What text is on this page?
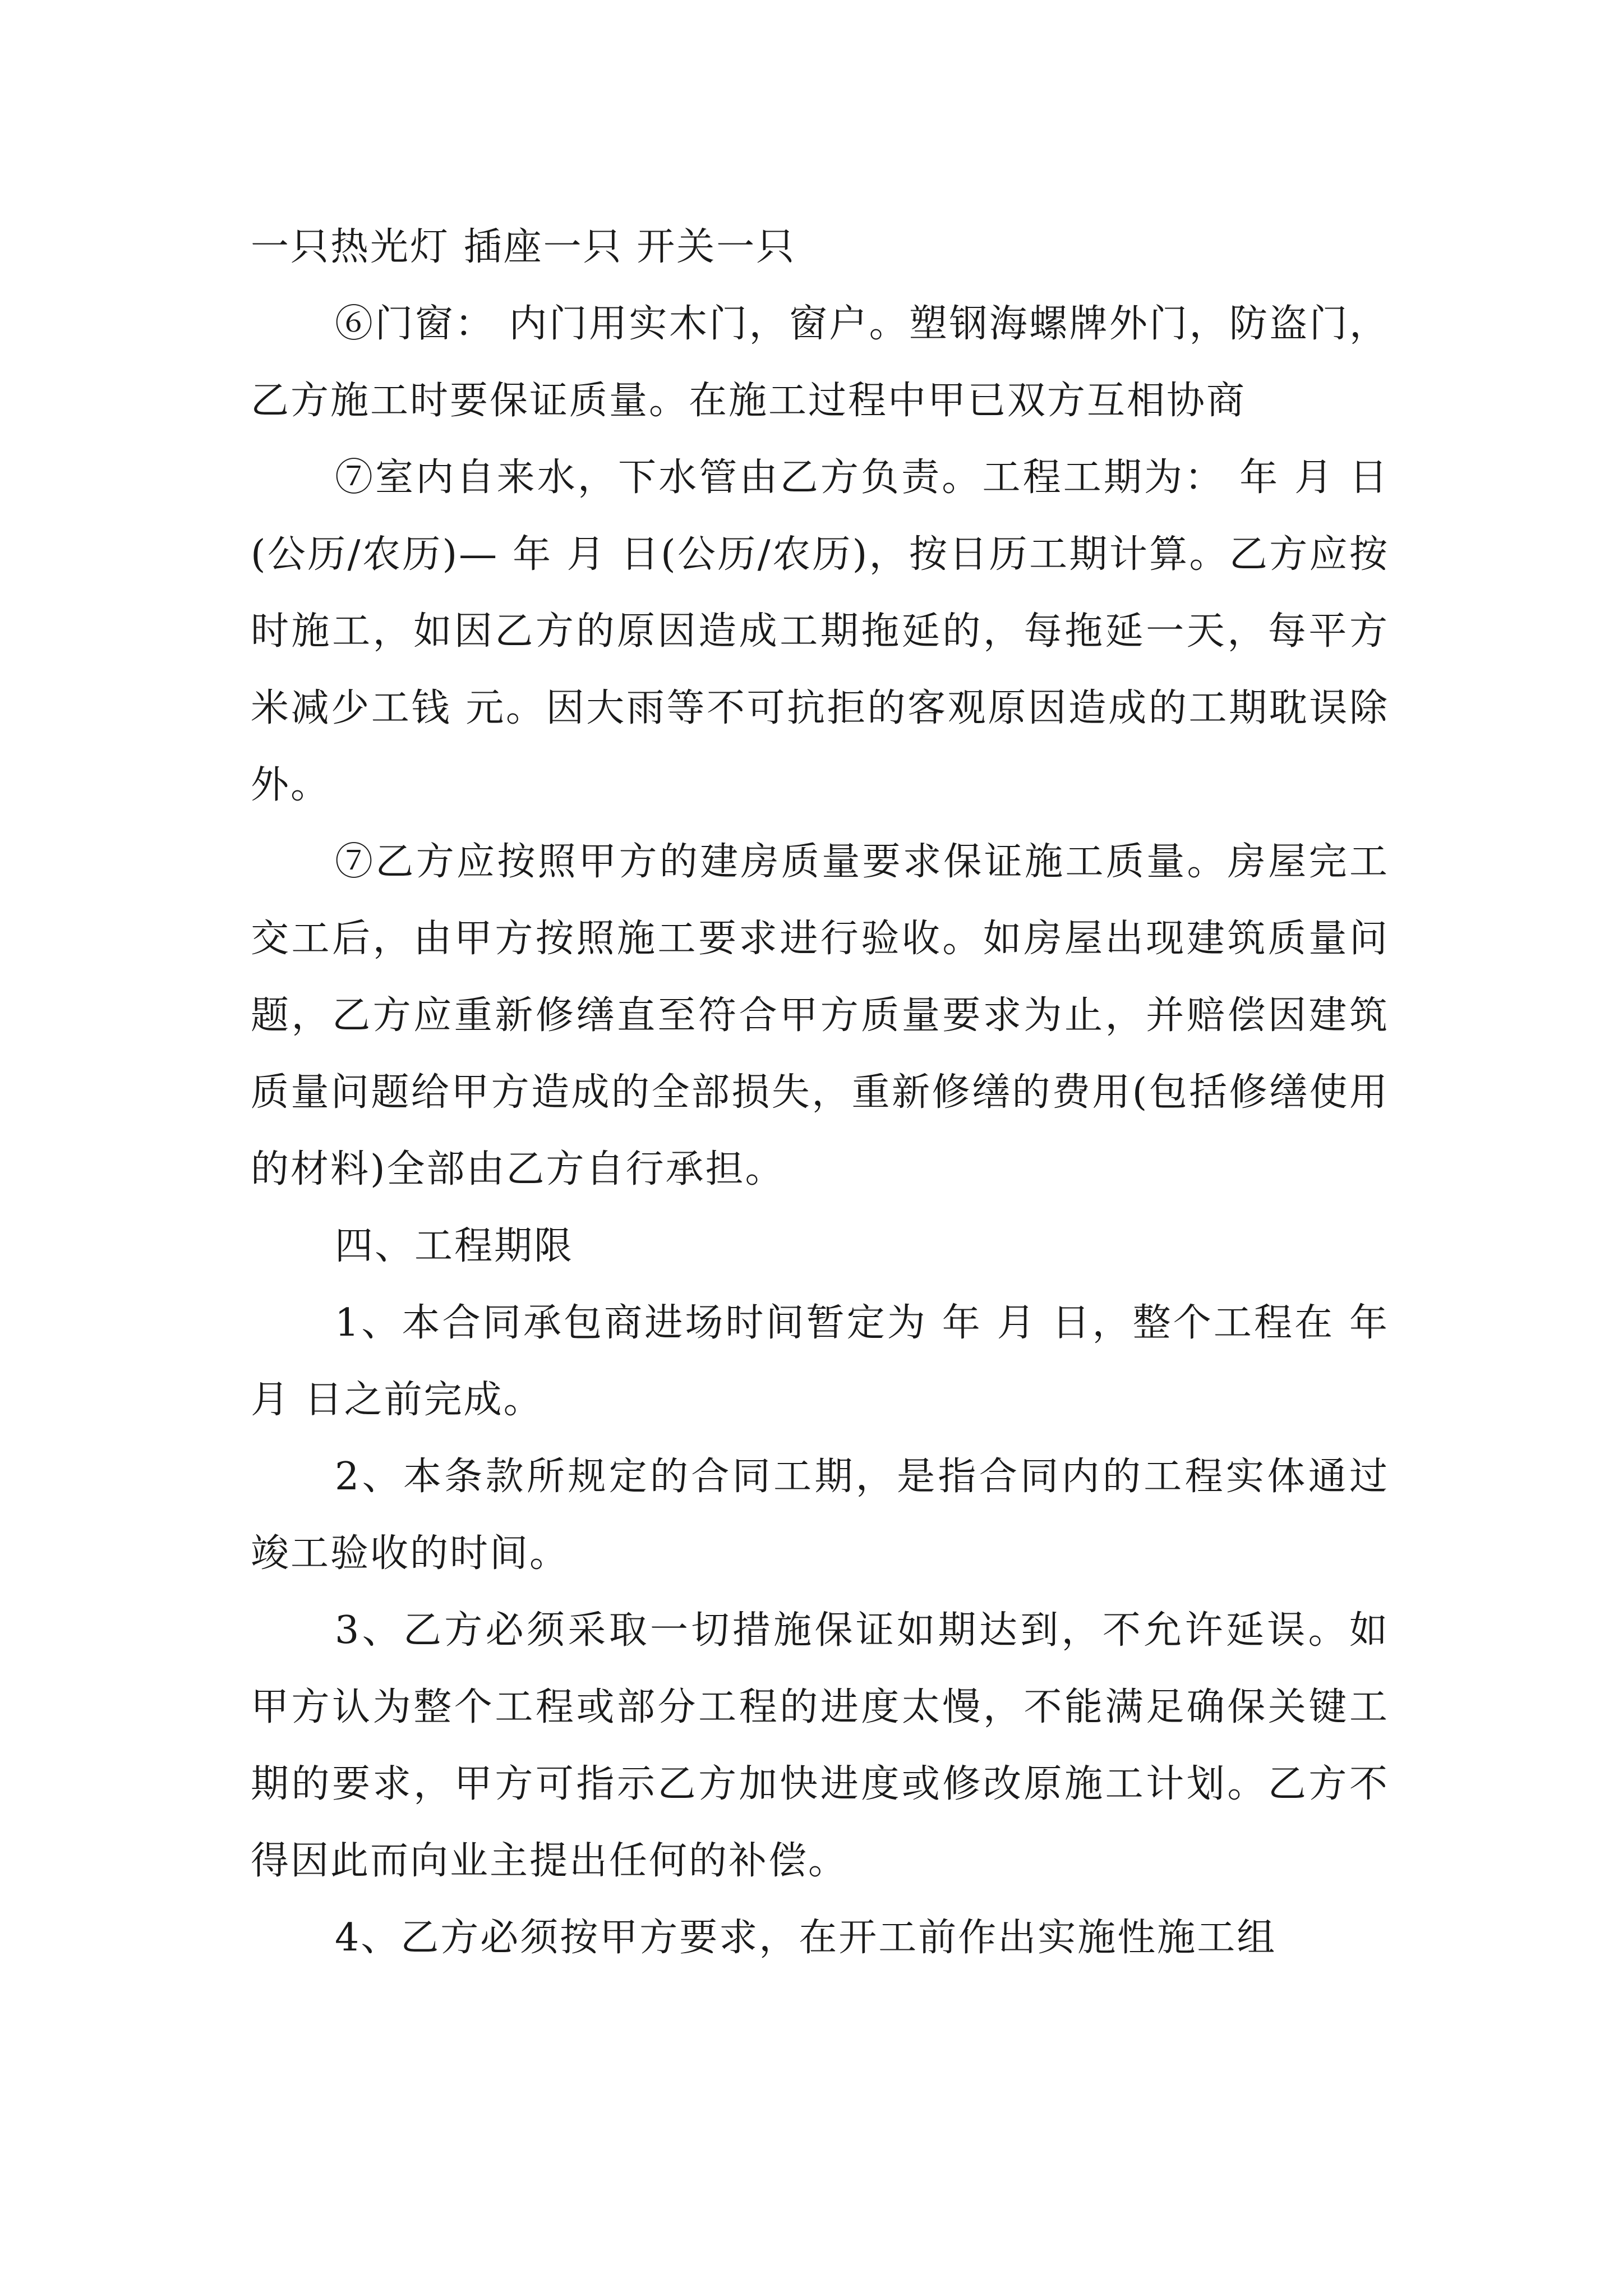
一只热光灯 插座一只 开关一只

⑥门窗： 内门用实木门，窗户。塑钢海螺牌外门，防盗门，乙方施工时要保证质量。在施工过程中甲已双方互相协商

⑦室内自来水，下水管由乙方负责。工程工期为： 年 月 日(公历/农历)— 年 月 日(公历/农历)，按日历工期计算。乙方应按时施工，如因乙方的原因造成工期拖延的，每拖延一天，每平方米减少工钱 元。因大雨等不可抗拒的客观原因造成的工期耽误除外。

⑦乙方应按照甲方的建房质量要求保证施工质量。房屋完工交工后，由甲方按照施工要求进行验收。如房屋出现建筑质量问题，乙方应重新修缮直至符合甲方质量要求为止，并赔偿因建筑质量问题给甲方造成的全部损失，重新修缮的费用(包括修缮使用的材料)全部由乙方自行承担。

四、工程期限

1、本合同承包商进场时间暂定为 年 月 日，整个工程在 年 月 日之前完成。

2、本条款所规定的合同工期，是指合同内的工程实体通过竣工验收的时间。

3、乙方必须采取一切措施保证如期达到，不允许延误。如甲方认为整个工程或部分工程的进度太慢，不能满足确保关键工期的要求，甲方可指示乙方加快进度或修改原施工计划。乙方不得因此而向业主提出任何的补偿。

4、乙方必须按甲方要求，在开工前作出实施性施工组
